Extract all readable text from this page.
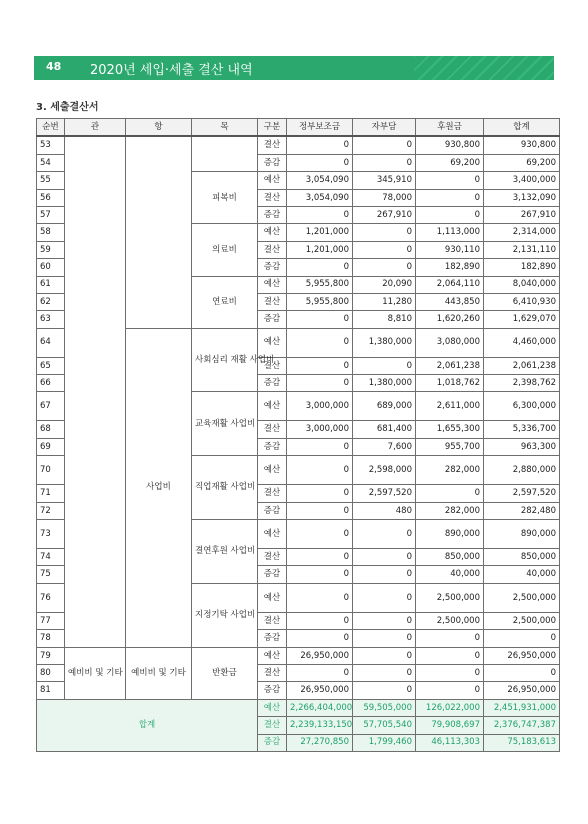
48 2020년 세입·세출 결산 내역
3. 세출결산서
순번	관	항	목	구분	정부보조금	자부담	후원금	합계
53				결산	0	0	930,800	930,800
54				증감	0	0	69,200	69,200
55			피복비	예산	3,054,090	345,910	0	3,400,000
56				결산	3,054,090	78,000	0	3,132,090
57				증감	0	267,910	0	267,910
58			의료비	예산	1,201,000	0	1,113,000	2,314,000
59				결산	1,201,000	0	930,110	2,131,110
60				증감	0	0	182,890	182,890
61			연료비	예산	5,955,800	20,090	2,064,110	8,040,000
62				결산	5,955,800	11,280	443,850	6,410,930
63				증감	0	8,810	1,620,260	1,629,070
64		사업비	사회심리 재활 사업비	예산	0	1,380,000	3,080,000	4,460,000
65				결산	0	0	2,061,238	2,061,238
66				증감	0	1,380,000	1,018,762	2,398,762
67			교육재활 사업비	예산	3,000,000	689,000	2,611,000	6,300,000
68				결산	3,000,000	681,400	1,655,300	5,336,700
69				증감	0	7,600	955,700	963,300
70			직업재활 사업비	예산	0	2,598,000	282,000	2,880,000
71				결산	0	2,597,520	0	2,597,520
72				증감	0	480	282,000	282,480
73			결연후원 사업비	예산	0	0	890,000	890,000
74				결산	0	0	850,000	850,000
75				증감	0	0	40,000	40,000
76			지정기탁 사업비	예산	0	0	2,500,000	2,500,000
77				결산	0	0	2,500,000	2,500,000
78				증감	0	0	0	0
79	예비비 및 기타	예비비 및 기타	반환금	예산	26,950,000	0	0	26,950,000
80				결산	0	0	0	0
81				증감	26,950,000	0	0	26,950,000
합계				예산	2,266,404,000	59,505,000	126,022,000	2,451,931,000
				결산	2,239,133,150	57,705,540	79,908,697	2,376,747,387
				증감	27,270,850	1,799,460	46,113,303	75,183,613
